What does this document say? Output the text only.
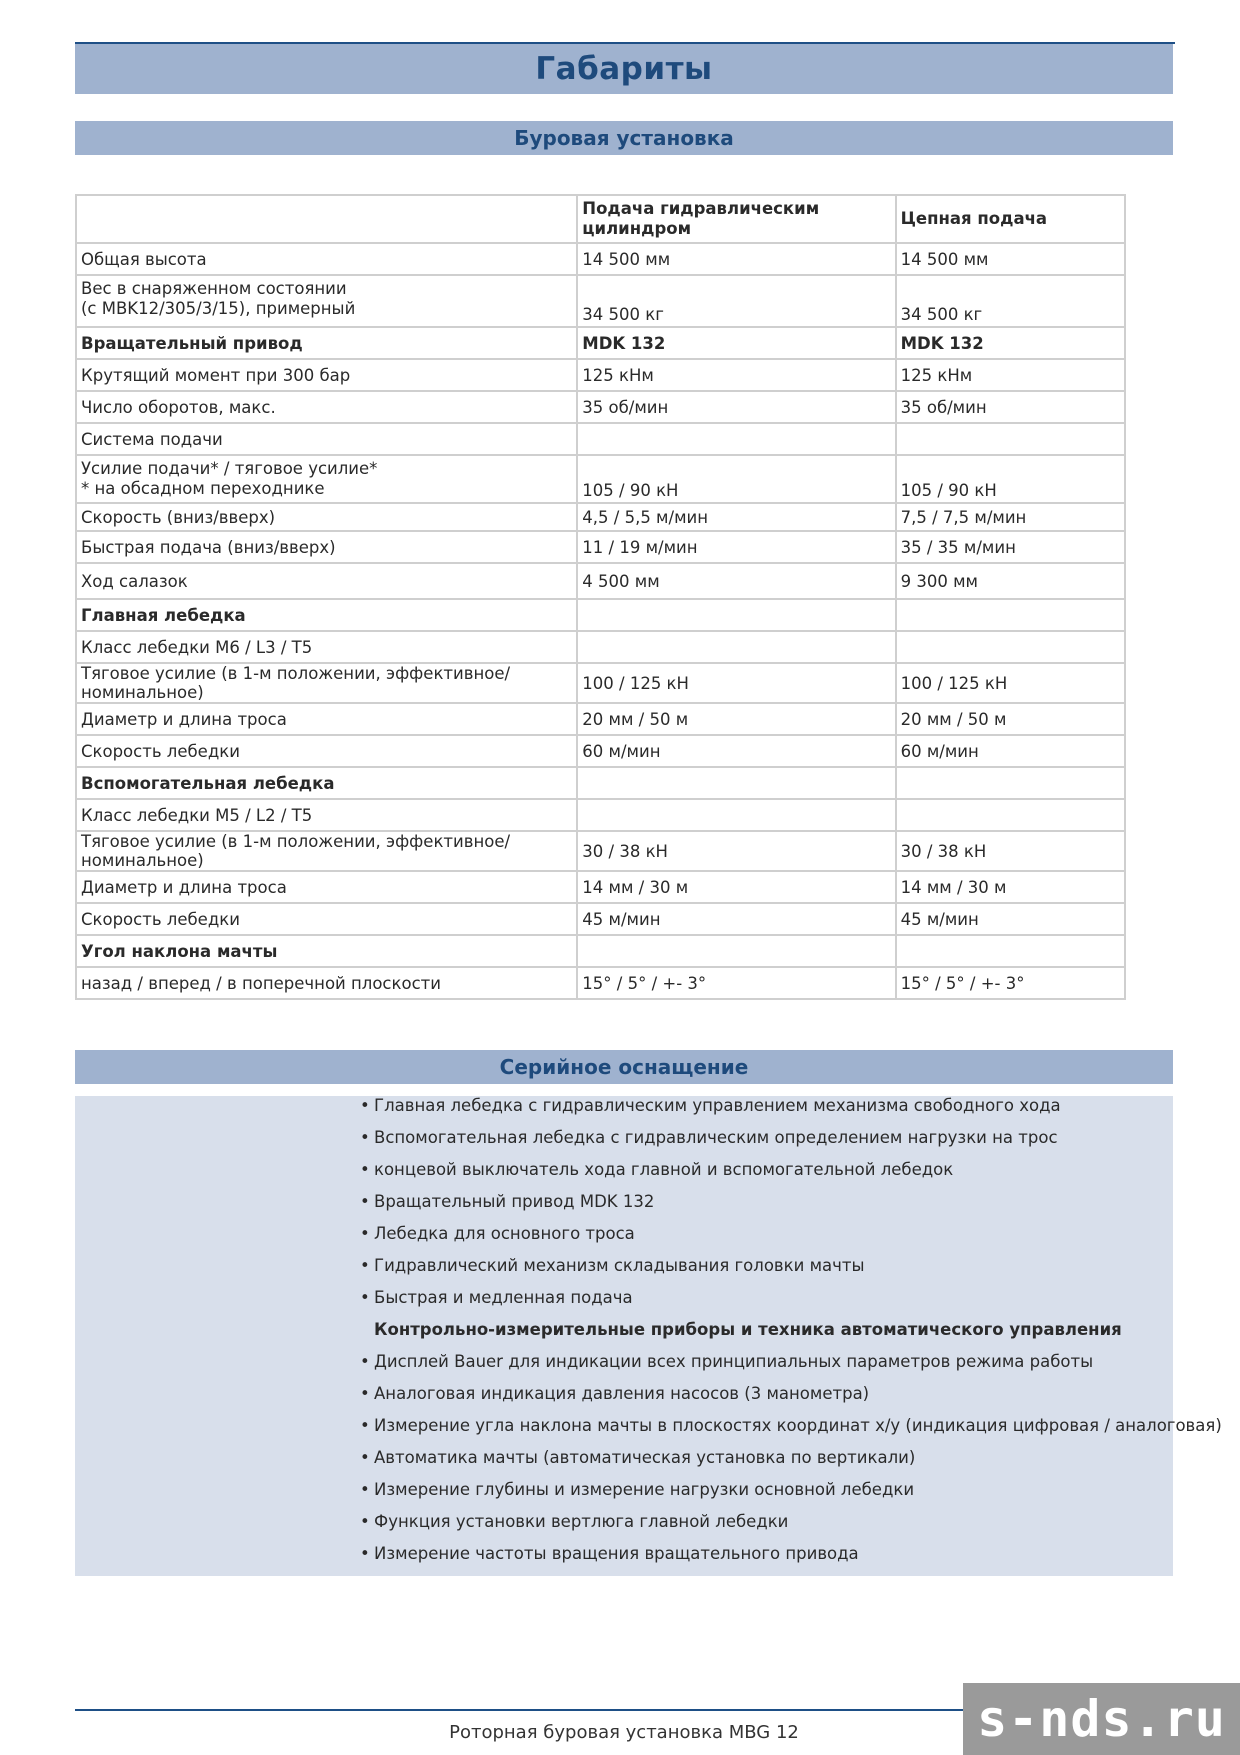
Габариты
Буровая установка
	Подача гидравлическим цилиндром	Цепная подача
Общая высота	14 500 мм	14 500 мм
Вес в снаряженном состоянии
(с MBK12/305/3/15), примерный	34 500 кг	34 500 кг
Вращательный привод	MDK 132	MDK 132
Крутящий момент при 300 бар	125 кНм	125 кНм
Число оборотов, макс.	35 об/мин	35 об/мин
Система подачи		
Усилие подачи* / тяговое усилие*
* на обсадном переходнике	105 / 90 кН	105 / 90 кН
Скорость (вниз/вверх)	4,5 / 5,5 м/мин	7,5 / 7,5 м/мин
Быстрая подача (вниз/вверх)	11 / 19 м/мин	35 / 35 м/мин
Ход салазок	4 500 мм	9 300 мм
Главная лебедка		
Класс лебедки M6 / L3 / T5		
Тяговое усилие (в 1-м положении, эффективное/номинальное)	100 / 125 кН	100 / 125 кН
Диаметр и длина троса	20 мм / 50 м	20 мм / 50 м
Скорость лебедки	60 м/мин	60 м/мин
Вспомогательная лебедка		
Класс лебедки M5 / L2 / T5		
Тяговое усилие (в 1-м положении, эффективное/номинальное)	30 / 38 кН	30 / 38 кН
Диаметр и длина троса	14 мм / 30 м	14 мм / 30 м
Скорость лебедки	45 м/мин	45 м/мин
Угол наклона мачты		
назад / вперед / в поперечной плоскости	15° / 5° / +- 3°	15° / 5° / +- 3°
Серийное оснащение
• Главная лебедка с гидравлическим управлением механизма свободного хода
• Вспомогательная лебедка с гидравлическим определением нагрузки на трос
• концевой выключатель хода главной и вспомогательной лебедок
• Вращательный привод MDK 132
• Лебедка для основного троса
• Гидравлический механизм складывания головки мачты
• Быстрая и медленная подача
Контрольно-измерительные приборы и техника автоматического управления
• Дисплей Bauer для индикации всех принципиальных параметров режима работы
• Аналоговая индикация давления насосов (3 манометра)
• Измерение угла наклона мачты в плоскостях координат x/y (индикация цифровая / аналоговая)
• Автоматика мачты (автоматическая установка по вертикали)
• Измерение глубины и измерение нагрузки основной лебедки
• Функция установки вертлюга главной лебедки
• Измерение частоты вращения вращательного привода
Роторная буровая установка MBG 12	s-nds.ru
